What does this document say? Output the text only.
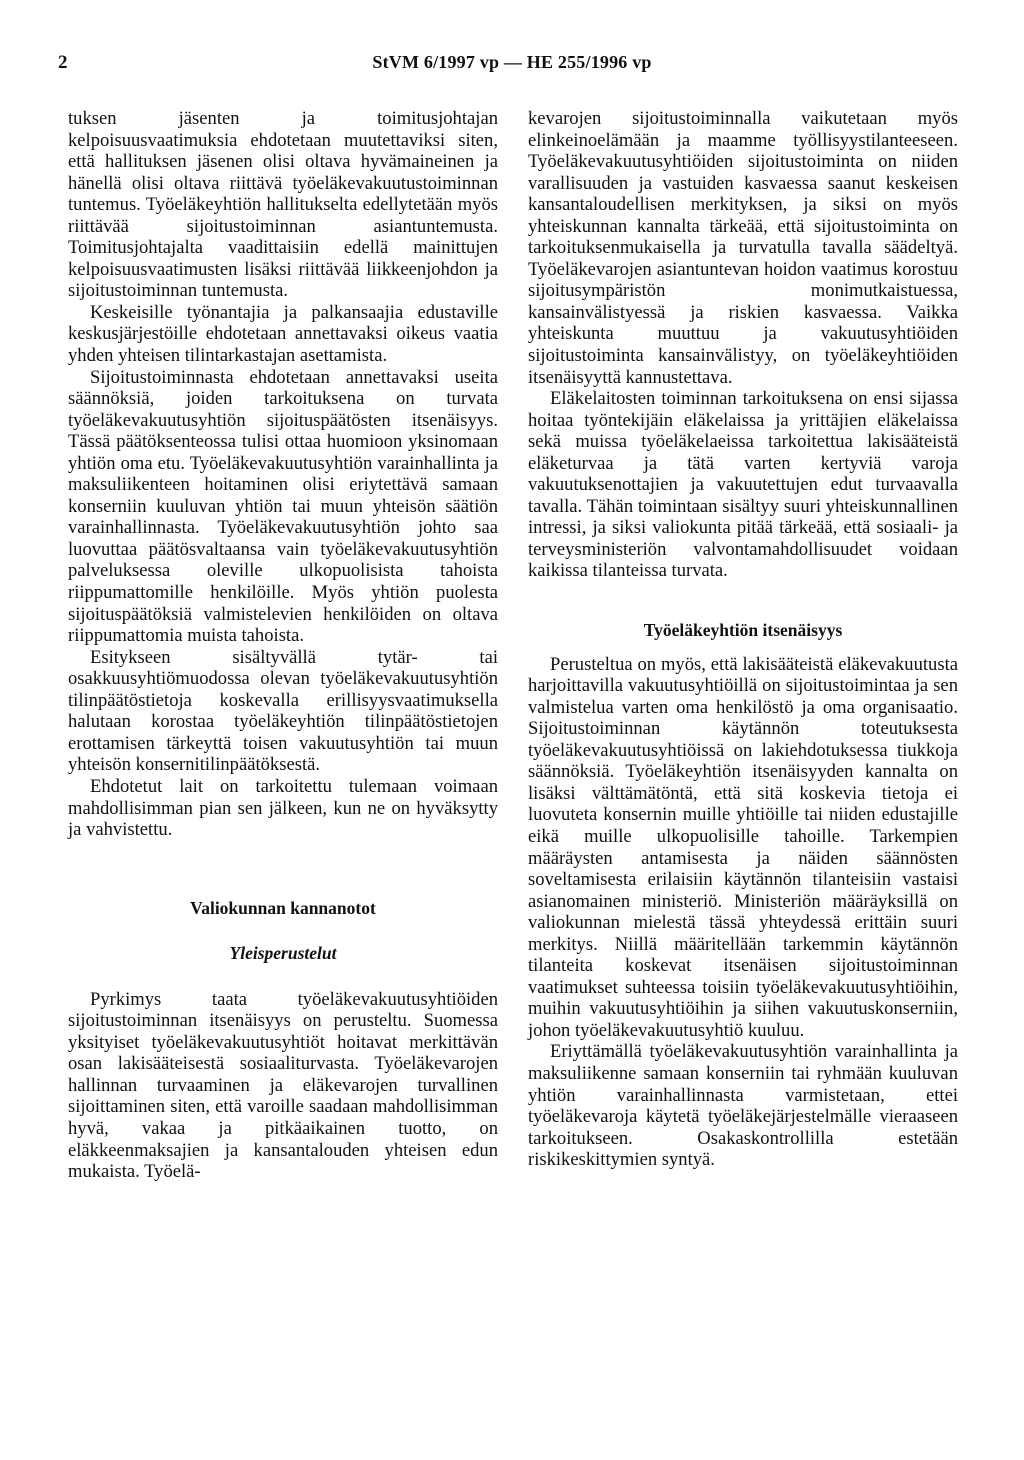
2	StVM 6/1997 vp — HE 255/1996 vp

tuksen jäsenten ja toimitusjohtajan kelpoisuusvaatimuksia ehdotetaan muutettaviksi siten, että hallituksen jäsenen olisi oltava hyvämaineinen ja hänellä olisi oltava riittävä työeläkevakuutustoiminnan tuntemus. Työeläkeyhtiön hallitukselta edellytetään myös riittävää sijoitustoiminnan asiantuntemusta. Toimitusjohtajalta vaadittaisiin edellä mainittujen kelpoisuusvaatimusten lisäksi riittävää liikkeenjohdon ja sijoitustoiminnan tuntemusta.

Keskeisille työnantajia ja palkansaajia edustaville keskusjärjestöille ehdotetaan annettavaksi oikeus vaatia yhden yhteisen tilintarkastajan asettamista.

Sijoitustoiminnasta ehdotetaan annettavaksi useita säännöksiä, joiden tarkoituksena on turvata työeläkevakuutusyhtiön sijoituspäätösten itsenäisyys. Tässä päätöksenteossa tulisi ottaa huomioon yksinomaan yhtiön oma etu. Työeläkevakuutusyhtiön varainhallinta ja maksuliikenteen hoitaminen olisi eriytettävä samaan konserniin kuuluvan yhtiön tai muun yhteisön säätiön varainhallinnasta. Työeläkevakuutusyhtiön johto saa luovuttaa päätösvaltaansa vain työeläkevakuutusyhtiön palveluksessa oleville ulkopuolisista tahoista riippumattomille henkilöille. Myös yhtiön puolesta sijoituspäätöksiä valmistelevien henkilöiden on oltava riippumattomia muista tahoista.

Esitykseen sisältyvällä tytär- tai osakkuusyhtiömuodossa olevan työeläkevakuutusyhtiön tilinpäätöstietoja koskevalla erillisyysvaatimuksella halutaan korostaa työeläkeyhtiön tilinpäätöstietojen erottamisen tärkeyttä toisen vakuutusyhtiön tai muun yhteisön konsernitilinpäätöksestä.

Ehdotetut lait on tarkoitettu tulemaan voimaan mahdollisimman pian sen jälkeen, kun ne on hyväksytty ja vahvistettu.

Valiokunnan kannanotot
Yleisperustelut

Pyrkimys taata työeläkevakuutusyhtiöiden sijoitustoiminnan itsenäisyys on perusteltu. Suomessa yksityiset työeläkevakuutusyhtiöt hoitavat merkittävän osan lakisääteisestä sosiaaliturvasta. Työeläkevarojen hallinnan turvaaminen ja eläkevarojen turvallinen sijoittaminen siten, että varoille saadaan mahdollisimman hyvä, vakaa ja pitkäaikainen tuotto, on eläkkeenmaksajien ja kansantalouden yhteisen edun mukaista. Työelä-

kevarojen sijoitustoiminnalla vaikutetaan myös elinkeinoelämään ja maamme työllisyystilanteeseen. Työeläkevakuutusyhtiöiden sijoitustoiminta on niiden varallisuuden ja vastuiden kasvaessa saanut keskeisen kansantaloudellisen merkityksen, ja siksi on myös yhteiskunnan kannalta tärkeää, että sijoitustoiminta on tarkoituksenmukaisella ja turvatulla tavalla säädeltyä. Työeläkevarojen asiantuntevan hoidon vaatimus korostuu sijoitusympäristön monimutkaistuessa, kansainvälistyessä ja riskien kasvaessa. Vaikka yhteiskunta muuttuu ja vakuutusyhtiöiden sijoitustoiminta kansainvälistyy, on työeläkeyhtiöiden itsenäisyyttä kannustettava.

Eläkelaitosten toiminnan tarkoituksena on ensi sijassa hoitaa työntekijäin eläkelaissa ja yrittäjien eläkelaissa sekä muissa työeläkelaeissa tarkoitettua lakisääteistä eläketurvaa ja tätä varten kertyviä varoja vakuutuksenottajien ja vakuutettujen edut turvaavalla tavalla. Tähän toimintaan sisältyy suuri yhteiskunnallinen intressi, ja siksi valiokunta pitää tärkeää, että sosiaali- ja terveysministeriön valvontamahdollisuudet voidaan kaikissa tilanteissa turvata.

Työeläkeyhtiön itsenäisyys

Perusteltua on myös, että lakisääteistä eläkevakuutusta harjoittavilla vakuutusyhtiöillä on sijoitustoimintaa ja sen valmistelua varten oma henkilöstö ja oma organisaatio. Sijoitustoiminnan käytännön toteutuksesta työeläkevakuutusyhtiöissä on lakiehdotuksessa tiukkoja säännöksiä. Työeläkeyhtiön itsenäisyyden kannalta on lisäksi välttämätöntä, että sitä koskevia tietoja ei luovuteta konsernin muille yhtiöille tai niiden edustajille eikä muille ulkopuolisille tahoille. Tarkempien määräysten antamisesta ja näiden säännösten soveltamisesta erilaisiin käytännön tilanteisiin vastaisi asianomainen ministeriö. Ministeriön määräyksillä on valiokunnan mielestä tässä yhteydessä erittäin suuri merkitys. Niillä määritellään tarkemmin käytännön tilanteita koskevat itsenäisen sijoitustoiminnan vaatimukset suhteessa toisiin työeläkevakuutusyhtiöihin, muihin vakuutusyhtiöihin ja siihen vakuutuskonserniin, johon työeläkevakuutusyhtiö kuuluu.

Eriyttämällä työeläkevakuutusyhtiön varainhallinta ja maksuliikenne samaan konserniin tai ryhmään kuuluvan yhtiön varainhallinnasta varmistetaan, ettei työeläkevaroja käytetä työeläkejärjestelmälle vieraaseen tarkoitukseen. Osakaskontrollilla estetään riskikeskittymien syntyä.
